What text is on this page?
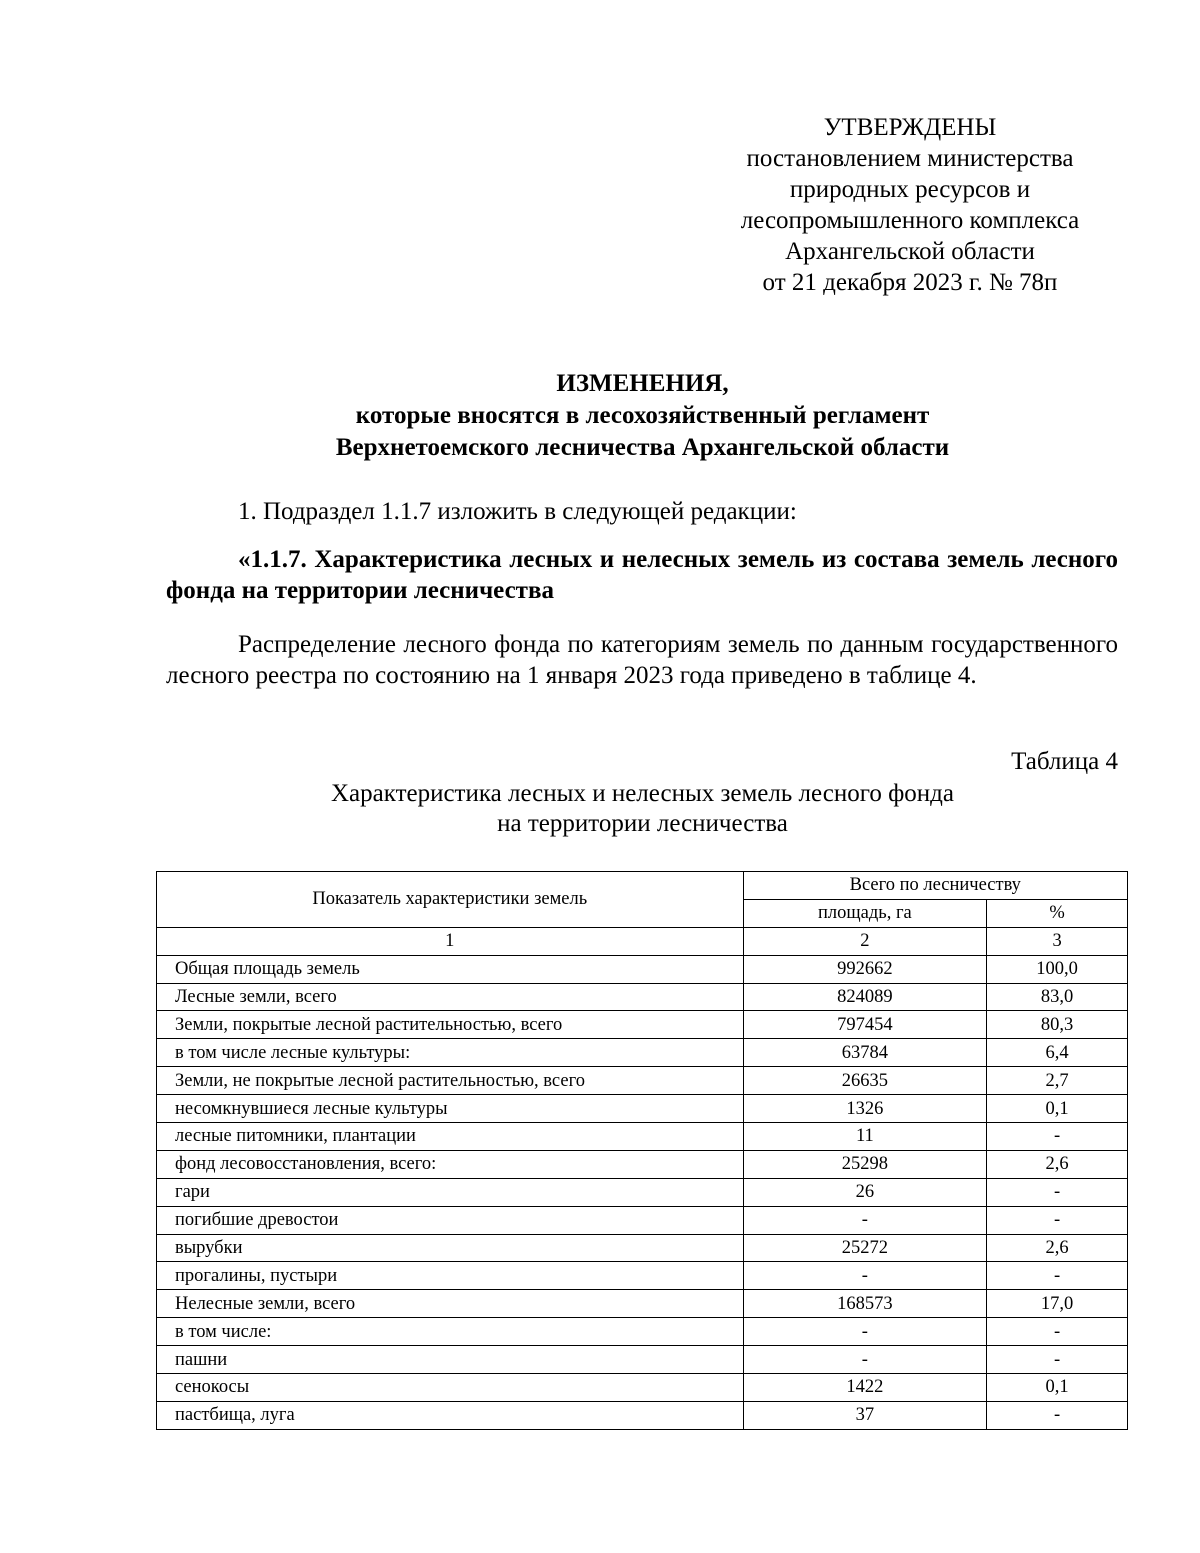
УТВЕРЖДЕНЫ
постановлением министерства
природных ресурсов и
лесопромышленного комплекса
Архангельской области
от 21 декабря 2023 г. № 78п
ИЗМЕНЕНИЯ,
которые вносятся в лесохозяйственный регламент
Верхнетоемского лесничества Архангельской области
1. Подраздел 1.1.7 изложить в следующей редакции:
«1.1.7. Характеристика лесных и нелесных земель из состава земель лесного фонда на территории лесничества
Распределение лесного фонда по категориям земель по данным государственного лесного реестра по состоянию на 1 января 2023 года приведено в таблице 4.
Таблица 4
Характеристика лесных и нелесных земель лесного фонда
на территории лесничества
Показатель характеристики земель	Всего по лесничеству	
	площадь, га	%
1	2	3
Общая площадь земель	992662	100,0
Лесные земли, всего	824089	83,0
Земли, покрытые лесной растительностью, всего	797454	80,3
в том числе лесные культуры:	63784	6,4
Земли, не покрытые лесной растительностью, всего	26635	2,7
несомкнувшиеся лесные культуры	1326	0,1
лесные питомники, плантации	11	-
фонд лесовосстановления, всего:	25298	2,6
гари	26	-
погибшие древостои	-	-
вырубки	25272	2,6
прогалины, пустыри	-	-
Нелесные земли, всего	168573	17,0
в том числе:	-	-
пашни	-	-
сенокосы	1422	0,1
пастбища, луга	37	-
